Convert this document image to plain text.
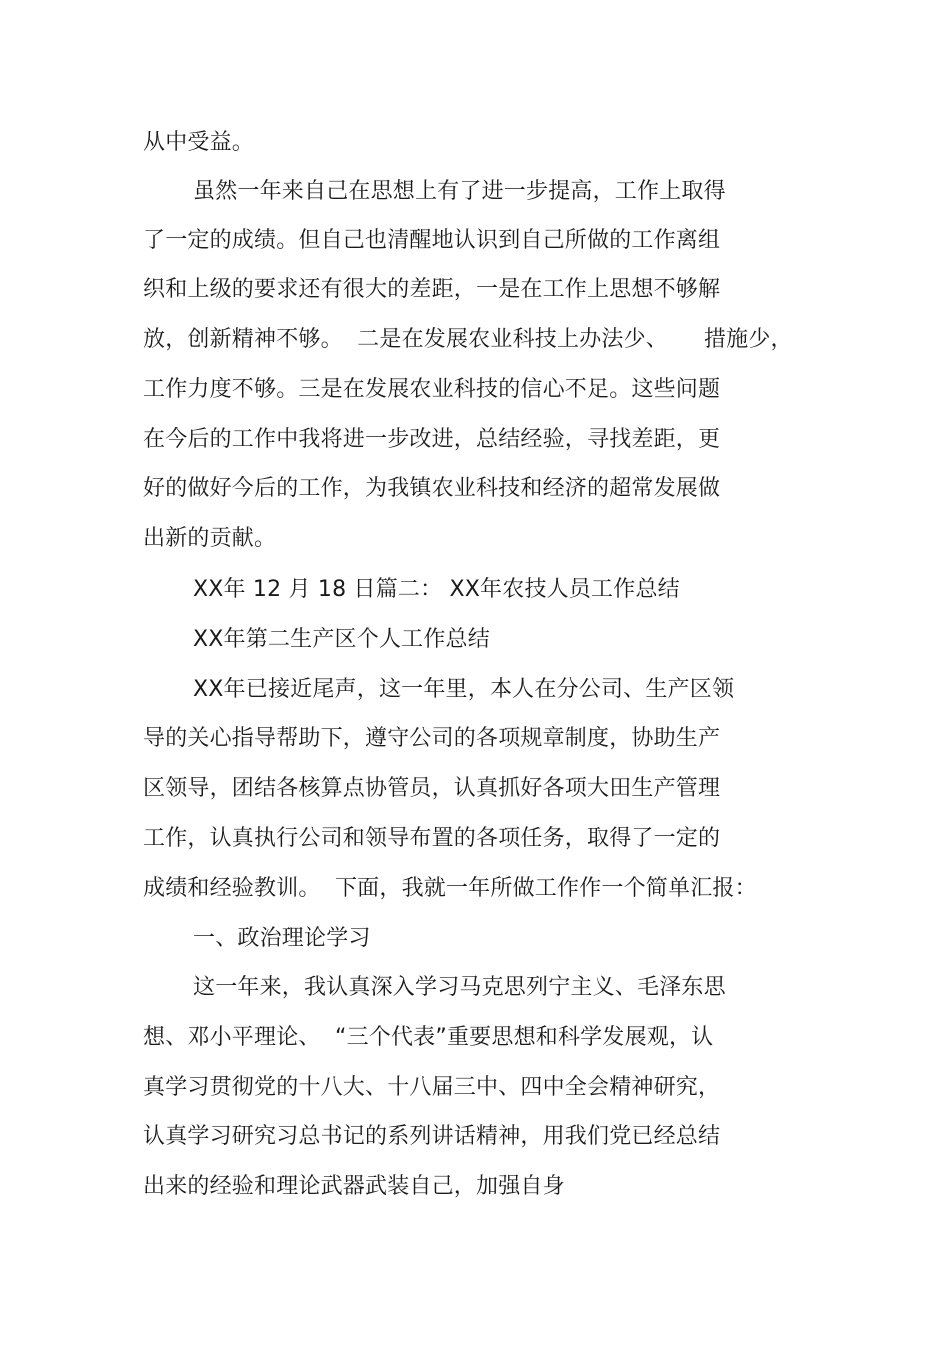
从中受益。
虽然一年来自己在思想上有了进一步提高，工作上取得
了一定的成绩。但自己也清醒地认识到自己所做的工作离组
织和上级的要求还有很大的差距，一是在工作上思想不够解
放，创新精神不够。  二是在发展农业科技上办法少、     措施少，
工作力度不够。三是在发展农业科技的信心不足。这些问题
在今后的工作中我将进一步改进，总结经验，寻找差距，更
好的做好今后的工作，为我镇农业科技和经济的超常发展做
出新的贡献。
XX年 12 月 18 日篇二： XX年农技人员工作总结
XX年第二生产区个人工作总结
XX年已接近尾声，这一年里，本人在分公司、生产区领
导的关心指导帮助下，遵守公司的各项规章制度，协助生产
区领导，团结各核算点协管员，认真抓好各项大田生产管理
工作，认真执行公司和领导布置的各项任务，取得了一定的
成绩和经验教训。  下面，我就一年所做工作作一个简单汇报：
一、政治理论学习
这一年来，我认真深入学习马克思列宁主义、毛泽东思
想、邓小平理论、  “三个代表”重要思想和科学发展观，认
真学习贯彻党的十八大、十八届三中、四中全会精神研究，
认真学习研究习总书记的系列讲话精神，用我们党已经总结
出来的经验和理论武器武装自己，加强自身
